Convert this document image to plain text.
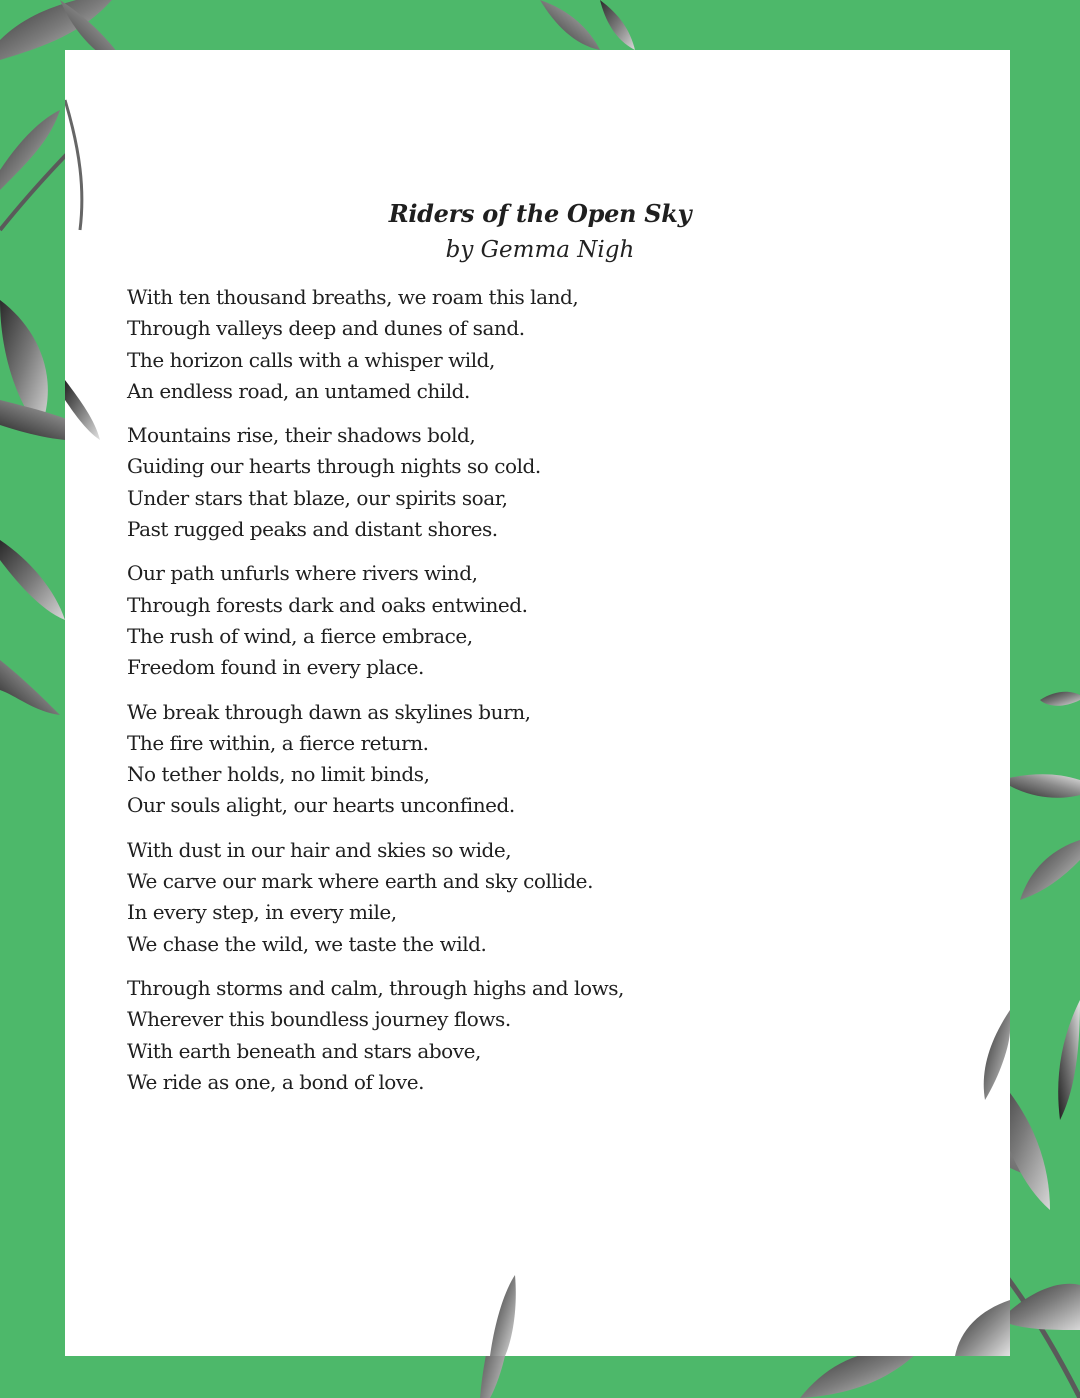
Riders of the Open Sky
by Gemma Nigh
With ten thousand breaths, we roam this land,
Through valleys deep and dunes of sand.
The horizon calls with a whisper wild,
An endless road, an untamed child.
Mountains rise, their shadows bold,
Guiding our hearts through nights so cold.
Under stars that blaze, our spirits soar,
Past rugged peaks and distant shores.
Our path unfurls where rivers wind,
Through forests dark and oaks entwined.
The rush of wind, a fierce embrace,
Freedom found in every place.
We break through dawn as skylines burn,
The fire within, a fierce return.
No tether holds, no limit binds,
Our souls alight, our hearts unconfined.
With dust in our hair and skies so wide,
We carve our mark where earth and sky collide.
In every step, in every mile,
We chase the wild, we taste the wild.
Through storms and calm, through highs and lows,
Wherever this boundless journey flows.
With earth beneath and stars above,
We ride as one, a bond of love.
